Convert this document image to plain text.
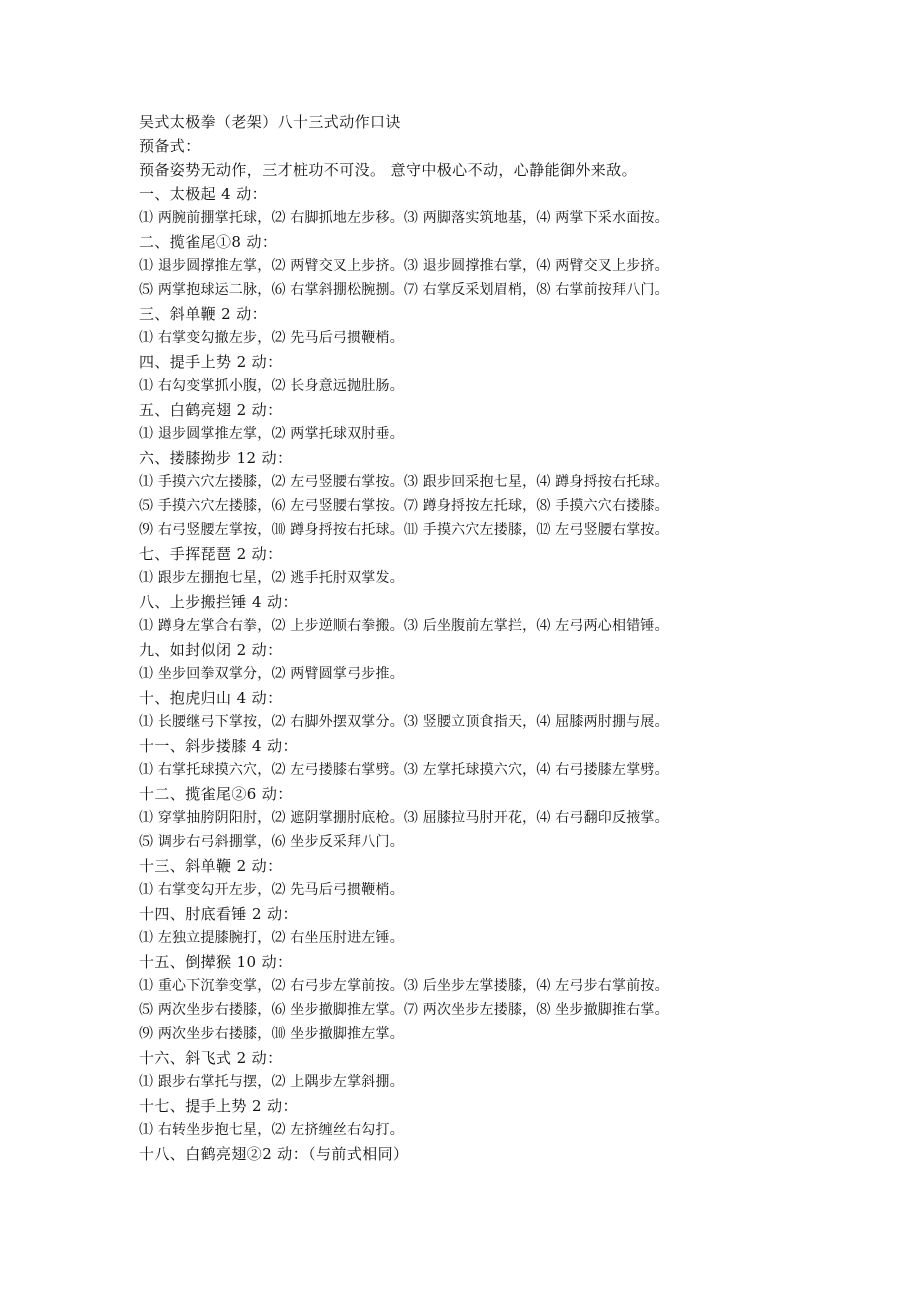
吴式太极拳（老架）八十三式动作口诀
预备式：
预备姿势无动作，三才桩功不可没。 意守中极心不动，心静能御外来敌。
一、太极起 4 动：
⑴ 两腕前掤掌托球，⑵ 右脚抓地左步移。⑶ 两脚落实筑地基，⑷ 两掌下采水面按。
二、揽雀尾①8 动：
⑴ 退步圆撑推左掌，⑵ 两臂交叉上步挤。⑶ 退步圆撑推右掌，⑷ 两臂交叉上步挤。
⑸ 两掌抱球运二脉，⑹ 右掌斜掤松腕捌。⑺ 右掌反采划眉梢，⑻ 右掌前按拜八门。
三、斜单鞭 2 动：
⑴ 右掌变勾撤左步，⑵ 先马后弓掼鞭梢。
四、提手上势 2 动：
⑴ 右勾变掌抓小腹，⑵ 长身意远抛肚肠。
五、白鹤亮翅 2 动：
⑴ 退步圆掌推左掌，⑵ 两掌托球双肘垂。
六、搂膝拗步 12 动：
⑴ 手摸六穴左搂膝，⑵ 左弓竖腰右掌按。⑶ 跟步回采抱七星，⑷ 蹲身捋按右托球。
⑸ 手摸六穴左搂膝，⑹ 左弓竖腰右掌按。⑺ 蹲身捋按左托球，⑻ 手摸六穴右搂膝。
⑼ 右弓竖腰左掌按，⑽ 蹲身捋按右托球。⑾ 手摸六穴左搂膝，⑿ 左弓竖腰右掌按。
七、手挥琵琶 2 动：
⑴ 跟步左掤抱七星，⑵ 逃手托肘双掌发。
八、上步搬拦锤 4 动：
⑴ 蹲身左掌合右拳，⑵ 上步逆顺右拳搬。⑶ 后坐腹前左掌拦，⑷ 左弓两心相错锤。
九、如封似闭 2 动：
⑴ 坐步回拳双掌分，⑵ 两臂圆掌弓步推。
十、抱虎归山 4 动：
⑴ 长腰继弓下掌按，⑵ 右脚外摆双掌分。⑶ 竖腰立顶食指天，⑷ 屈膝两肘掤与展。
十一、斜步搂膝 4 动：
⑴ 右掌托球摸六穴，⑵ 左弓搂膝右掌劈。⑶ 左掌托球摸六穴，⑷ 右弓搂膝左掌劈。
十二、揽雀尾②6 动：
⑴ 穿掌抽胯阴阳肘，⑵ 遮阴掌掤肘底枪。⑶ 屈膝拉马肘开花，⑷ 右弓翻印反掖掌。
⑸ 调步右弓斜掤掌，⑹ 坐步反采拜八门。
十三、斜单鞭 2 动：
⑴ 右掌变勾开左步，⑵ 先马后弓掼鞭梢。
十四、肘底看锤 2 动：
⑴ 左独立提膝腕打，⑵ 右坐压肘进左锤。
十五、倒撵猴 10 动：
⑴ 重心下沉拳变掌，⑵ 右弓步左掌前按。⑶ 后坐步左掌搂膝，⑷ 左弓步右掌前按。
⑸ 两次坐步右搂膝，⑹ 坐步撤脚推左掌。⑺ 两次坐步左搂膝，⑻ 坐步撤脚推右掌。
⑼ 两次坐步右搂膝，⑽ 坐步撤脚推左掌。
十六、斜飞式 2 动：
⑴ 跟步右掌托与摆，⑵ 上隅步左掌斜掤。
十七、提手上势 2 动：
⑴ 右转坐步抱七星，⑵ 左挤缠丝右勾打。
十八、白鹤亮翅②2 动：（与前式相同）
